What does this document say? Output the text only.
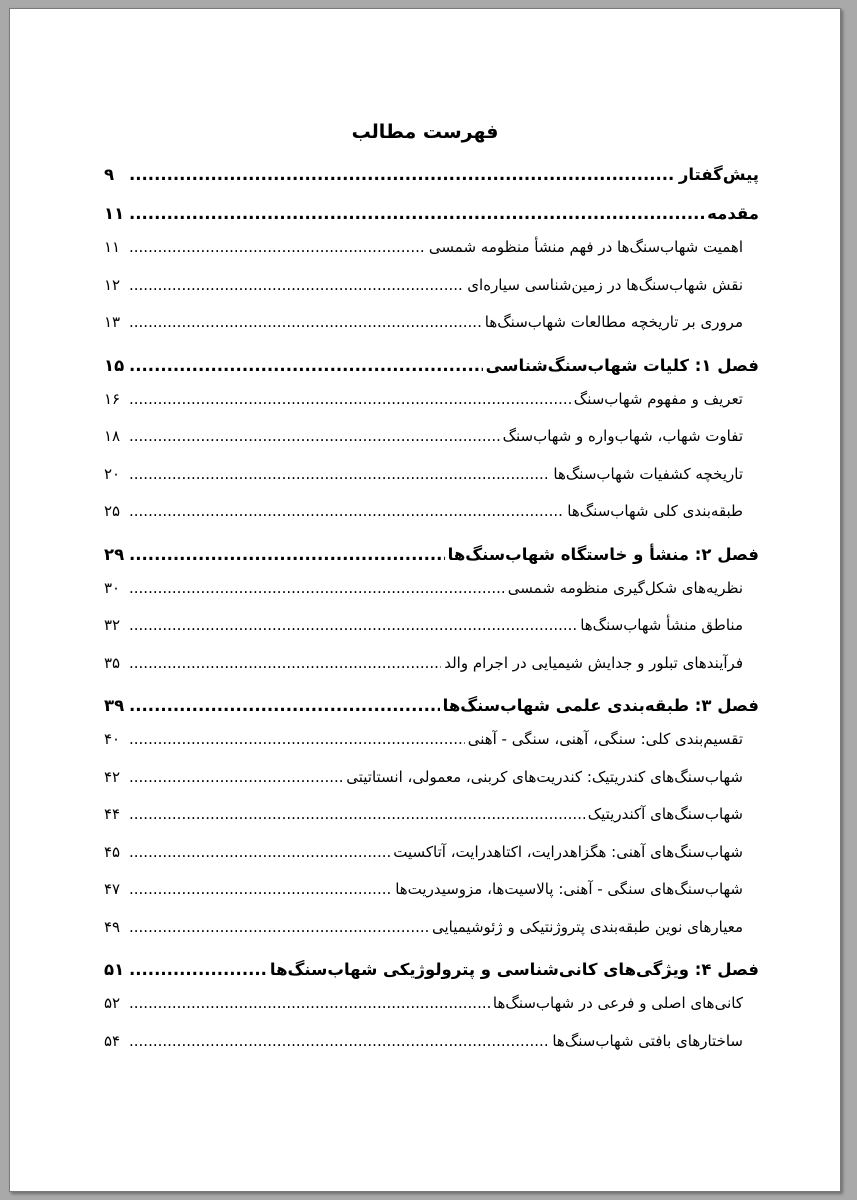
فهرست مطالب
پیش‌گفتار
.....
۹
مقدمه
.....
۱۱
اهمیت شهاب‌سنگ‌ها در فهم منشأ منظومه شمسی
.....
۱۱
نقش شهاب‌سنگ‌ها در زمین‌شناسی سیاره‌ای
.....
۱۲
مروری بر تاریخچه مطالعات شهاب‌سنگ‌ها
.....
۱۳
فصل ۱: کلیات شهاب‌سنگ‌شناسی
.....
۱۵
تعریف و مفهوم شهاب‌سنگ
.....
۱۶
تفاوت شهاب، شهاب‌واره و شهاب‌سنگ
.....
۱۸
تاریخچه کشفیات شهاب‌سنگ‌ها
.....
۲۰
طبقه‌بندی کلی شهاب‌سنگ‌ها
.....
۲۵
فصل ۲: منشأ و خاستگاه شهاب‌سنگ‌ها
.....
۲۹
نظریه‌های شکل‌گیری منظومه شمسی
.....
۳۰
مناطق منشأ شهاب‌سنگ‌ها
.....
۳۲
فرآیندهای تبلور و جدایش شیمیایی در اجرام والد
.....
۳۵
فصل ۳: طبقه‌بندی علمی شهاب‌سنگ‌ها
.....
۳۹
تقسیم‌بندی کلی: سنگی، آهنی، سنگی - آهنی
.....
۴۰
شهاب‌سنگ‌های کندریتیک: کندریت‌های کربنی، معمولی، انستاتیتی
.....
۴۲
شهاب‌سنگ‌های آکندریتیک
.....
۴۴
شهاب‌سنگ‌های آهنی: هگزاهدرایت، اکتاهدرایت، آتاکسیت
.....
۴۵
شهاب‌سنگ‌های سنگی - آهنی: پالاسیت‌ها، مزوسیدریت‌ها
.....
۴۷
معیارهای نوین طبقه‌بندی پتروژنتیکی و ژئوشیمیایی
.....
۴۹
فصل ۴: ویژگی‌های کانی‌شناسی و پترولوژیکی شهاب‌سنگ‌ها
.....
۵۱
کانی‌های اصلی و فرعی در شهاب‌سنگ‌ها
.....
۵۲
ساختارهای بافتی شهاب‌سنگ‌ها
.....
۵۴
